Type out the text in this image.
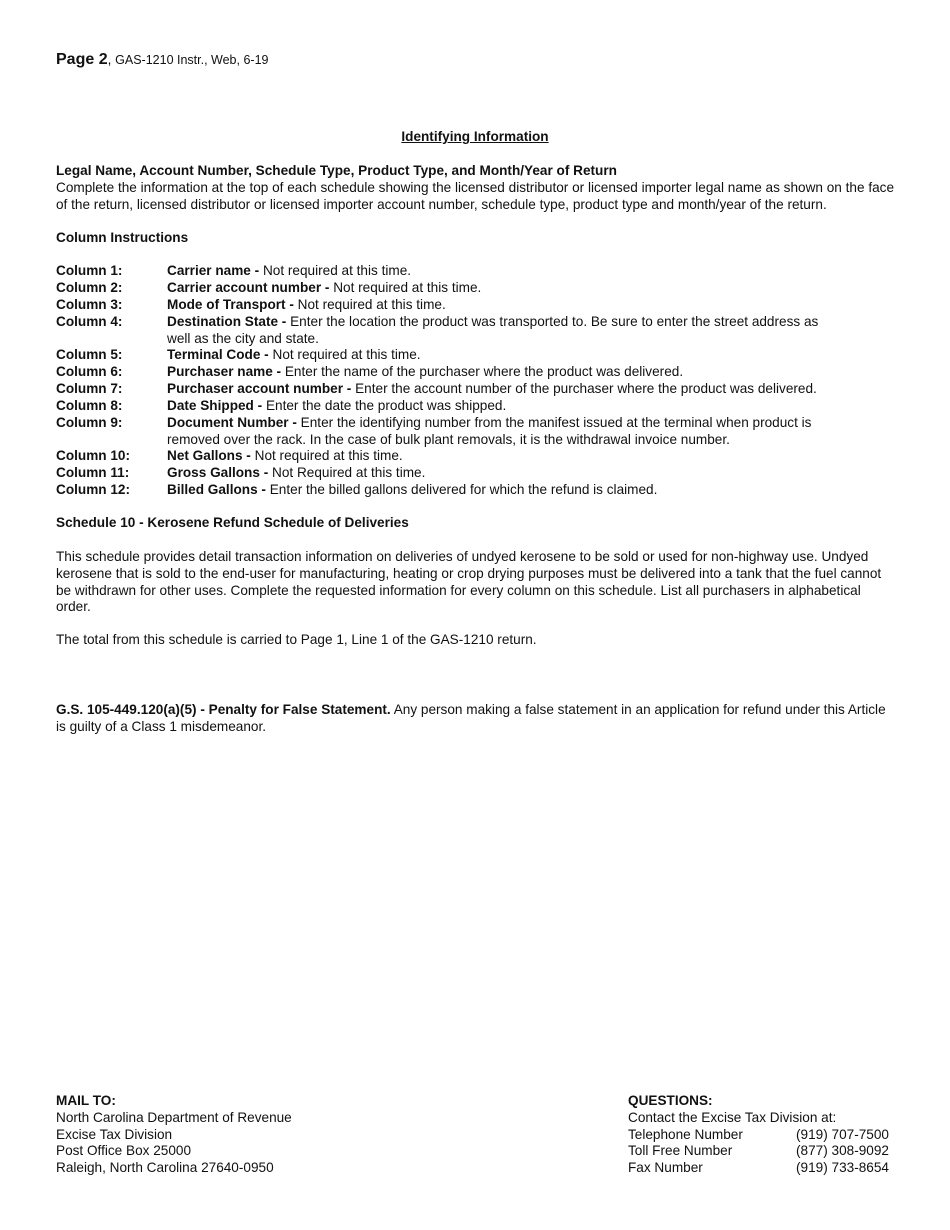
Page 2, GAS-1210 Instr., Web, 6-19
Identifying Information
Legal Name, Account Number, Schedule Type, Product Type, and Month/Year of Return
Complete the information at the top of each schedule showing the licensed distributor or licensed importer legal name as shown on the face of the return, licensed distributor or licensed importer account number, schedule type, product type and month/year of the return.
Column Instructions
Column 1:	Carrier name - Not required at this time.
Column 2:	Carrier account number - Not required at this time.
Column 3:	Mode of Transport - Not required at this time.
Column 4:	Destination State - Enter the location the product was transported to. Be sure to enter the street address as well as the city and state.
Column 5:	Terminal Code - Not required at this time.
Column 6:	Purchaser name - Enter the name of the purchaser where the product was delivered.
Column 7:	Purchaser account number - Enter the account number of the purchaser where the product was delivered.
Column 8:	Date Shipped - Enter the date the product was shipped.
Column 9:	Document Number - Enter the identifying number from the manifest issued at the terminal when product is removed over the rack. In the case of bulk plant removals, it is the withdrawal invoice number.
Column 10:	Net Gallons - Not required at this time.
Column 11:	Gross Gallons - Not Required at this time.
Column 12:	Billed Gallons - Enter the billed gallons delivered for which the refund is claimed.
Schedule 10 - Kerosene Refund Schedule of Deliveries
This schedule provides detail transaction information on deliveries of undyed kerosene to be sold or used for non-highway use. Undyed kerosene that is sold to the end-user for manufacturing, heating or crop drying purposes must be delivered into a tank that the fuel cannot be withdrawn for other uses. Complete the requested information for every column on this schedule. List all purchasers in alphabetical order.
The total from this schedule is carried to Page 1, Line 1 of the GAS-1210 return.
G.S. 105-449.120(a)(5) - Penalty for False Statement. Any person making a false statement in an application for refund under this Article is guilty of a Class 1 misdemeanor.
MAIL TO:
North Carolina Department of Revenue
Excise Tax Division
Post Office Box 25000
Raleigh, North Carolina 27640-0950
QUESTIONS:
Contact the Excise Tax Division at:
Telephone Number	(919) 707-7500
Toll Free Number	(877) 308-9092
Fax Number	(919) 733-8654
